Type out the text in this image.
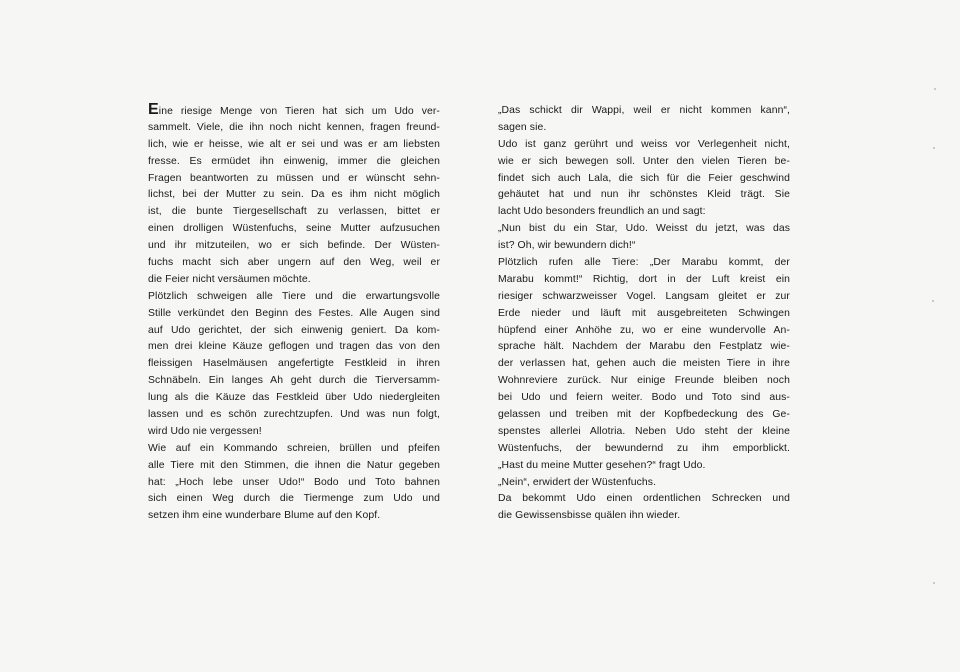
Eine riesige Menge von Tieren hat sich um Udo ver-
sammelt. Viele, die ihn noch nicht kennen, fragen freund-
lich, wie er heisse, wie alt er sei und was er am liebsten
fresse. Es ermüdet ihn einwenig, immer die gleichen
Fragen beantworten zu müssen und er wünscht sehn-
lichst, bei der Mutter zu sein. Da es ihm nicht möglich
ist, die bunte Tiergesellschaft zu verlassen, bittet er
einen drolligen Wüstenfuchs, seine Mutter aufzusuchen
und ihr mitzuteilen, wo er sich befinde. Der Wüsten-
fuchs macht sich aber ungern auf den Weg, weil er
die Feier nicht versäumen möchte.
Plötzlich schweigen alle Tiere und die erwartungsvolle
Stille verkündet den Beginn des Festes. Alle Augen sind
auf Udo gerichtet, der sich einwenig geniert. Da kom-
men drei kleine Käuze geflogen und tragen das von den
fleissigen Haselmäusen angefertigte Festkleid in ihren
Schnäbeln. Ein langes Ah geht durch die Tierversamm-
lung als die Käuze das Festkleid über Udo niedergleiten
lassen und es schön zurechtzupfen. Und was nun folgt,
wird Udo nie vergessen!
Wie auf ein Kommando schreien, brüllen und pfeifen
alle Tiere mit den Stimmen, die ihnen die Natur gegeben
hat: „Hoch lebe unser Udo!“ Bodo und Toto bahnen
sich einen Weg durch die Tiermenge zum Udo und
setzen ihm eine wunderbare Blume auf den Kopf.
„Das schickt dir Wappi, weil er nicht kommen kann“,
sagen sie.
Udo ist ganz gerührt und weiss vor Verlegenheit nicht,
wie er sich bewegen soll. Unter den vielen Tieren be-
findet sich auch Lala, die sich für die Feier geschwind
gehäutet hat und nun ihr schönstes Kleid trägt. Sie
lacht Udo besonders freundlich an und sagt:
„Nun bist du ein Star, Udo. Weisst du jetzt, was das
ist? Oh, wir bewundern dich!“
Plötzlich rufen alle Tiere: „Der Marabu kommt, der
Marabu kommt!“ Richtig, dort in der Luft kreist ein
riesiger schwarzweisser Vogel. Langsam gleitet er zur
Erde nieder und läuft mit ausgebreiteten Schwingen
hüpfend einer Anhöhe zu, wo er eine wundervolle An-
sprache hält. Nachdem der Marabu den Festplatz wie-
der verlassen hat, gehen auch die meisten Tiere in ihre
Wohnreviere zurück. Nur einige Freunde bleiben noch
bei Udo und feiern weiter. Bodo und Toto sind aus-
gelassen und treiben mit der Kopfbedeckung des Ge-
spenstes allerlei Allotria. Neben Udo steht der kleine
Wüstenfuchs, der bewundernd zu ihm emporblickt.
„Hast du meine Mutter gesehen?“ fragt Udo.
„Nein“, erwidert der Wüstenfuchs.
Da bekommt Udo einen ordentlichen Schrecken und
die Gewissensbisse quälen ihn wieder.
